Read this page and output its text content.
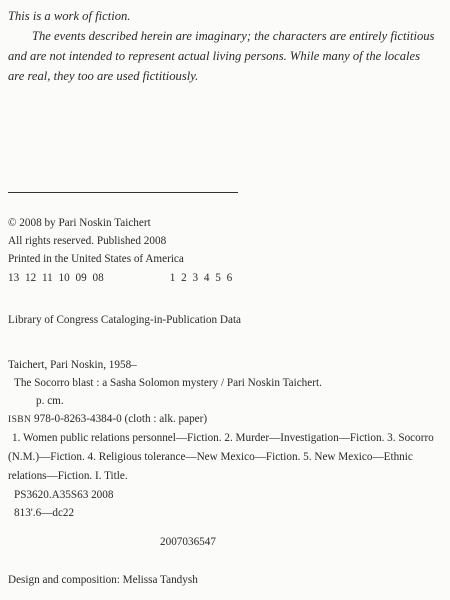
This is a work of fiction.

The events described herein are imaginary; the characters are entirely fictitious and are not intended to represent actual living persons. While many of the locales are real, they too are used fictitiously.

© 2008 by Pari Noskin Taichert
All rights reserved. Published 2008
Printed in the United States of America
13 12 11 10 09 08	1 2 3 4 5 6
Library of Congress Cataloging-in-Publication Data
Taichert, Pari Noskin, 1958–
The Socorro blast : a Sasha Solomon mystery / Pari Noskin Taichert.
p. cm.
ISBN 978-0-8263-4384-0 (cloth : alk. paper)
1. Women public relations personnel—Fiction. 2. Murder—Investigation—Fiction. 3. Socorro (N.M.)—Fiction. 4. Religious tolerance—New Mexico—Fiction. 5. New Mexico—Ethnic relations—Fiction. I. Title.
PS3620.A35S63 2008
813'.6—dc22
2007036547
Design and composition: Melissa Tandysh
